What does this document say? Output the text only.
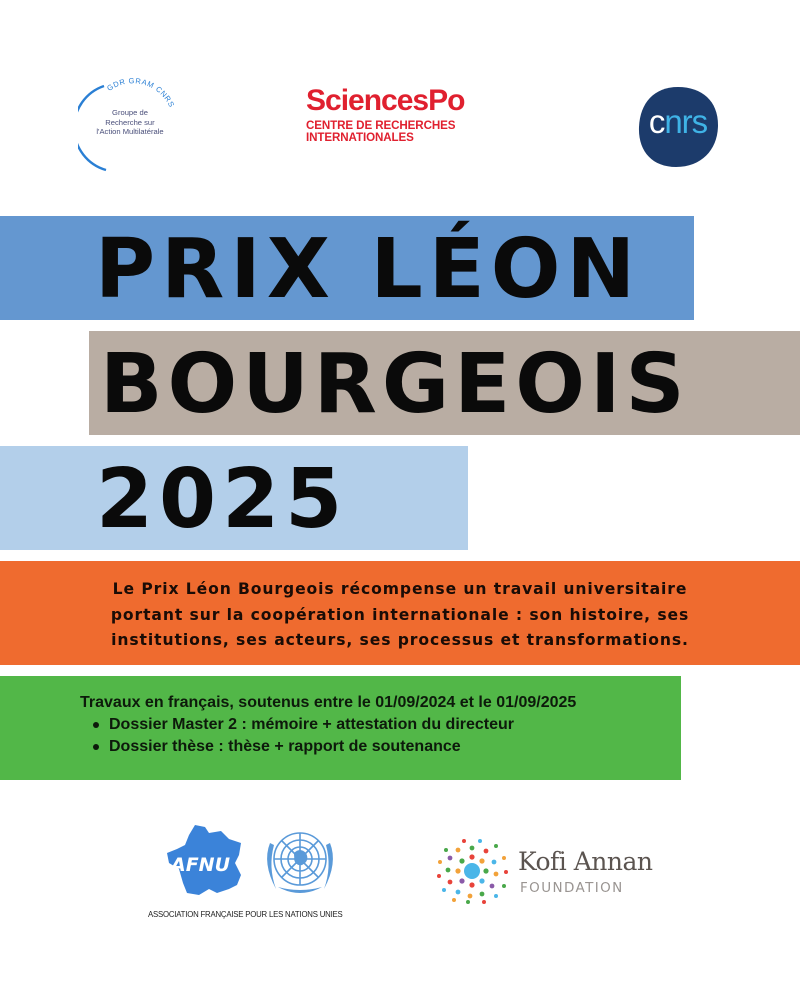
GDR GRAM CNRS
Groupe de
Recherche sur
l'Action Multilatérale
SciencesPo
CENTRE DE RECHERCHES
INTERNATIONALES	cnrs
PRIX LÉON
BOURGEOIS
2025
Le Prix Léon Bourgeois récompense un travail universitaire
portant sur la coopération internationale : son histoire, ses
institutions, ses acteurs, ses processus et transformations.
Travaux en français, soutenus entre le 01/09/2024 et le 01/09/2025
Dossier Master 2 : mémoire + attestation du directeur
Dossier thèse : thèse + rapport de soutenance
AFNU
ASSOCIATION FRANÇAISE POUR LES NATIONS UNIES
Kofi Annan
FOUNDATION
